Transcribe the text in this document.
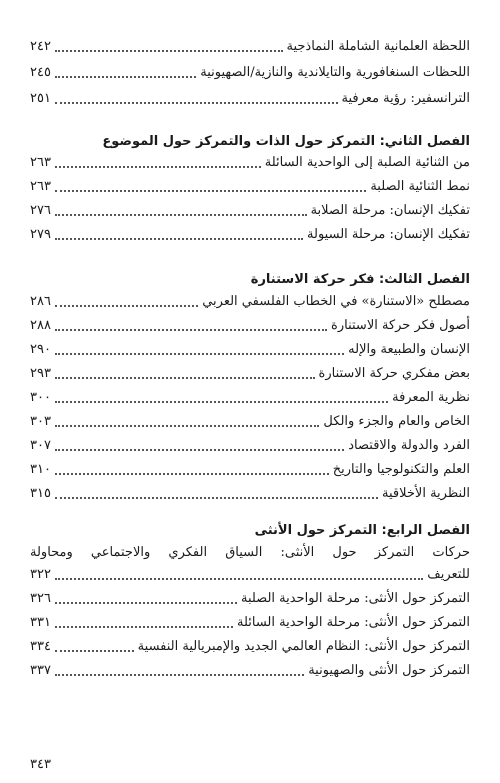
اللحظة العلمانية الشاملة النماذجية
٢٤٢
اللحظات السنغافورية والتايلاندية والنازية/الصهيونية
٢٤٥
الترانسفير: رؤية معرفية
٢٥١
الفصل الثاني: التمركز حول الذات والتمركز حول الموضوع
من الثنائية الصلبة إلى الواحدية السائلة
٢٦٣
نمط الثنائية الصلبة
٢٦٣
تفكيك الإنسان: مرحلة الصلابة
٢٧٦
تفكيك الإنسان: مرحلة السيولة
٢٧٩
الفصل الثالث: فكر حركة الاستنارة
مصطلح «الاستنارة» في الخطاب الفلسفي العربي
٢٨٦
أصول فكر حركة الاستنارة
٢٨٨
الإنسان والطبيعة والإله
٢٩٠
بعض مفكري حركة الاستنارة
٢٩٣
نظرية المعرفة
٣٠٠
الخاص والعام والجزء والكل
٣٠٣
الفرد والدولة والاقتصاد
٣٠٧
العلم والتكنولوجيا والتاريخ
٣١٠
النظرية الأخلاقية
٣١٥
الفصل الرابع: التمركز حول الأنثى
حركات التمركز حول الأنثى: السياق الفكري والاجتماعي ومحاولة
للتعريف
٣٢٢
التمركز حول الأنثى: مرحلة الواحدية الصلبة
٣٢٦
التمركز حول الأنثى: مرحلة الواحدية السائلة
٣٣١
التمركز حول الأنثى: النظام العالمي الجديد والإمبريالية النفسية
٣٣٤
التمركز حول الأنثى والصهيونية
٣٣٧
٣٤٣
